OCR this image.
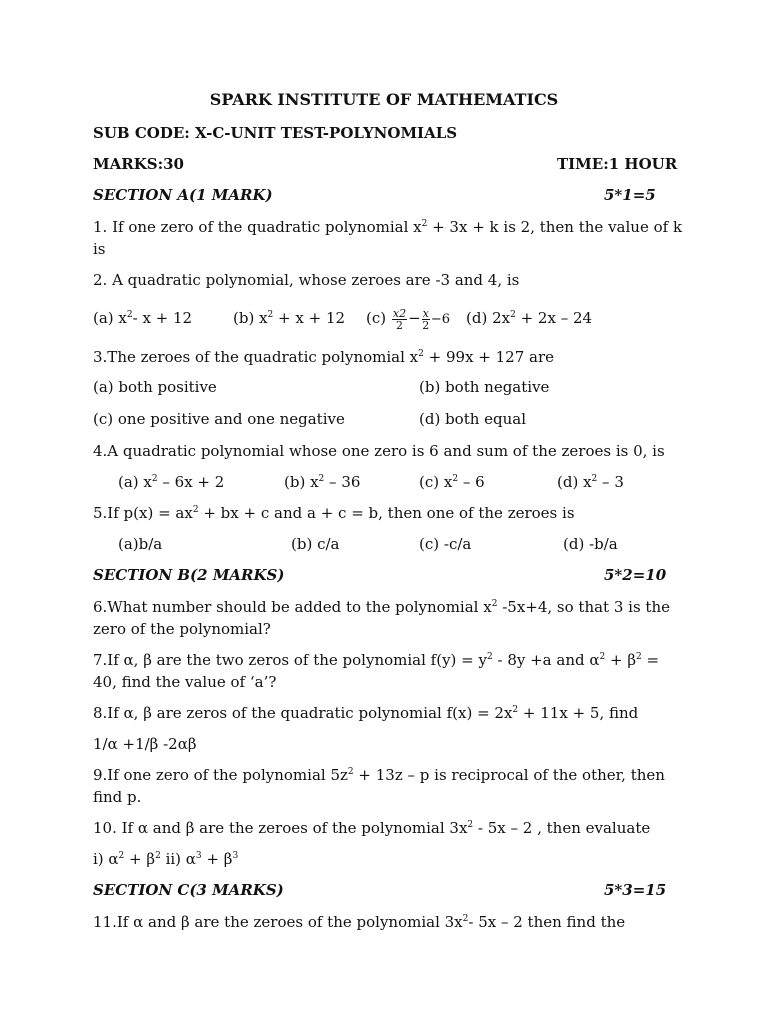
SPARK INSTITUTE OF MATHEMATICS
SUB CODE: X-C-UNIT TEST-POLYNOMIALS
MARKS:30	TIME:1 HOUR
SECTION A(1 MARK)	5*1=5
1. If one zero of the quadratic polynomial $x^2 + 3x + k$ is 2, then the value of k
is
2. A quadratic polynomial, whose zeroes are -3 and 4, is
(a) $x^2-$ x + 12	(b) $x^2 + x + 12$ $(c) \frac{x2}{2} - \frac{x}{2} -6$ (d) $2x^2 + 2x - 24$
3.The zeroes of the quadratic polynomial $x^2 + 99x + 127$ are
(a) both positive	(b) both negative
(c) one positive and one negative	(d) both equal
4.A quadratic polynomial whose one zero is 6 and sum of the zeroes is 0, is
(a) $x^2 - 6x + 2$	(b) $x^2 - 36$	(c) $x^2 - 6$	(d) $x^2 - 3$
5.If $p(x) = ax^2$ + bx + c and a + c = b, then one of the zeroes is
(a)b/a	(b) c/a	(c) -c/a	(d) -b/a
SECTION B(2 MARKS)	5*2=10
6.What number should be added to the polynomial $x^2$ -5x+4, so that 3 is the
zero of the polynomial?
7.If α, β are the two zeros of the polynomial $f(y) = y^2 - 8y +a$ and $\alpha^2 + \beta^2$ =
40, find the value of ‘a’?
8.If α, β are zeros of the quadratic polynomial $f(x) = 2x^2 + 11x + 5$, find
1/α +1/β -2αβ
9.If one zero of the polynomial $5z^2 + 13z - p$ is reciprocal of the other, then
find p.
10. If α and β are the zeroes of the polynomial $3x^2 - 5x - 2$ , then evaluate
i) $\alpha^2 + \beta^2$ ii) $\alpha^3 + \beta^3$
SECTION C(3 MARKS)	5*3=15
11.If α and β are the zeroes of the polynomial $3x^2-$ 5x – 2 then find the
